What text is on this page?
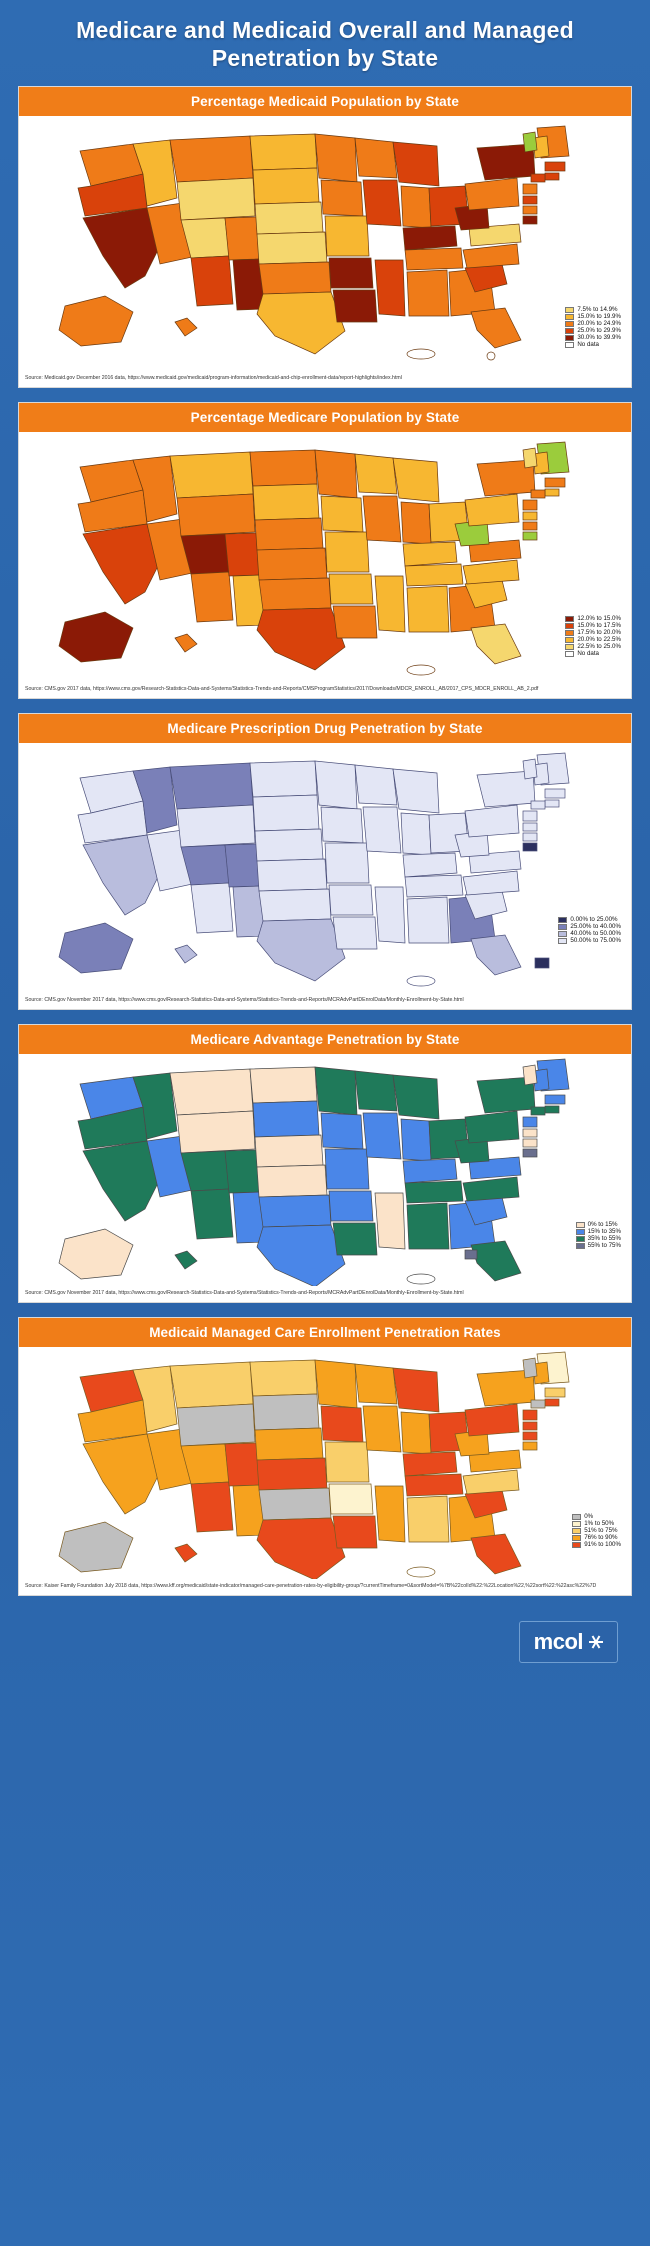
Medicare and Medicaid Overall and Managed Penetration by State
Percentage Medicaid Population by State
7.5% to 14.9%
15.0% to 19.9%
20.0% to 24.9%
25.0% to 29.9%
30.0% to 39.9%
No data
Source: Medicaid.gov December 2016 data, https://www.medicaid.gov/medicaid/program-information/medicaid-and-chip-enrollment-data/report-highlights/index.html
Percentage Medicare Population by State
12.0% to 15.0%
15.0% to 17.5%
17.5% to 20.0%
20.0% to 22.5%
22.5% to 25.0%
No data
Source: CMS.gov 2017 data, https://www.cms.gov/Research-Statistics-Data-and-Systems/Statistics-Trends-and-Reports/CMSProgramStatistics/2017/Downloads/MDCR_ENROLL_AB/2017_CPS_MDCR_ENROLL_AB_2.pdf
Medicare Prescription Drug Penetration by State
0.00% to 25.00%
25.00% to 40.00%
40.00% to 50.00%
50.00% to 75.00%
Source: CMS.gov November 2017 data, https://www.cms.gov/Research-Statistics-Data-and-Systems/Statistics-Trends-and-Reports/MCRAdvPartDEnrolData/Monthly-Enrollment-by-State.html
Medicare Advantage Penetration by State
0% to 15%
15% to 35%
35% to 55%
55% to 75%
Source: CMS.gov November 2017 data, https://www.cms.gov/Research-Statistics-Data-and-Systems/Statistics-Trends-and-Reports/MCRAdvPartDEnrolData/Monthly-Enrollment-by-State.html
Medicaid Managed Care Enrollment Penetration Rates
0%
1% to 50%
51% to 75%
76% to 90%
91% to 100%
Source: Kaiser Family Foundation July 2018 data, https://www.kff.org/medicaid/state-indicator/managed-care-penetration-rates-by-eligibility-group/?currentTimeframe=0&sortModel=%7B%22colId%22:%22Location%22,%22sort%22:%22asc%22%7D
mcol
